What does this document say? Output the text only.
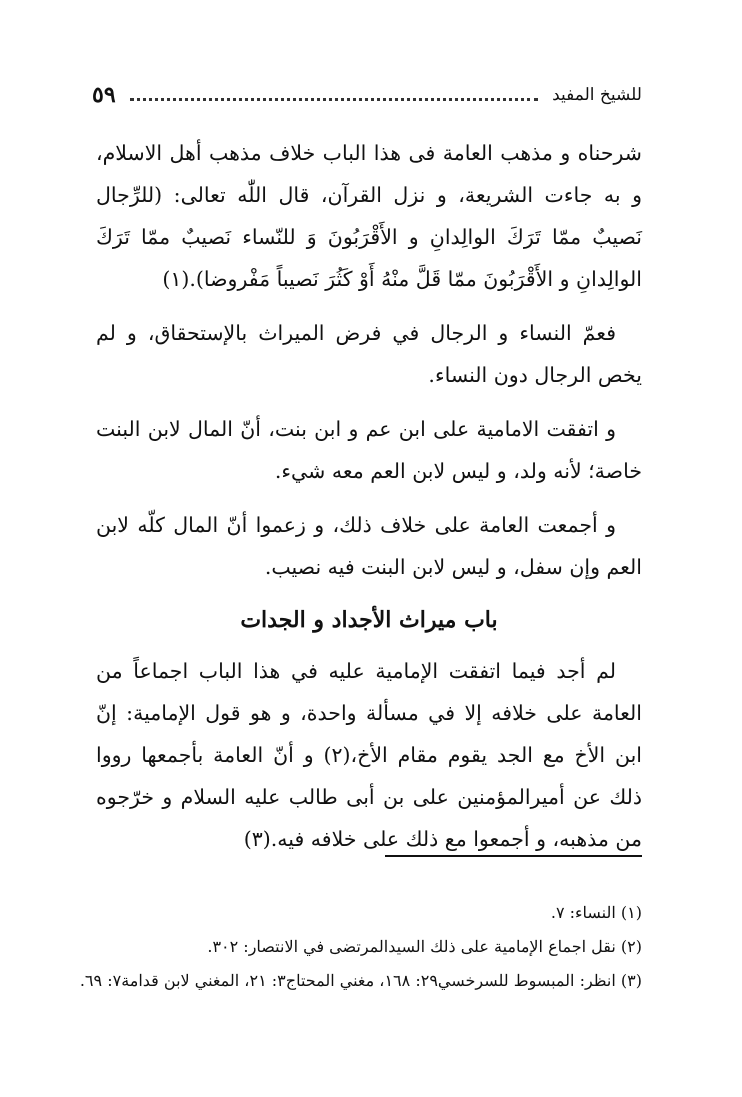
للشيخ المفيد
٥٩

شرحناه و مذهب العامة فى هذا الباب خلاف مذهب أهل الاسلام، و به جاءت الشريعة، و نزل القرآن، قال اللّٰه تعالى: (للرِّجال نَصيبٌ ممّا تَرَكَ الوالِدانِ و الأَقْرَبُونَ وَ للنّساء نَصيبٌ ممّا تَرَكَ الوالِدانِ و الأَقْرَبُونَ ممّا قَلَّ منْهُ أَوْ كَثُرَ نَصيباً مَفْروضا).(١)

فعمّ النساء و الرجال في فرض الميراث بالإستحقاق، و لم يخص الرجال دون النساء.

و اتفقت الامامية على ابن عم و ابن بنت، أنّ المال لابن البنت خاصة؛ لأنه ولد، و ليس لابن العم معه شيء.

و أجمعت العامة على خلاف ذلك، و زعموا أنّ المال كلّه لابن العم وإن سفل، و ليس لابن البنت فيه نصيب.

باب ميراث الأجداد و الجدات

لم أجد فيما اتفقت الإمامية عليه في هذا الباب اجماعاً من العامة على خلافه إلا في مسألة واحدة، و هو قول الإمامية: إنّ ابن الأخ مع الجد يقوم مقام الأخ،(٢) و أنّ العامة بأجمعها رووا ذلك عن أميرالمؤمنين على بن أبى طالب عليه السلام و خرّجوه من مذهبه، و أجمعوا مع ذلك على خلافه فيه.(٣)

(١) النساء: ٧.

(٢) نقل اجماع الإمامية على ذلك السيدالمرتضى في الانتصار: ٣٠٢.

(٣) انظر: المبسوط للسرخسي٢٩: ١٦٨، مغني المحتاج٣: ٢١، المغني لابن قدامة٧: ٦٩.
